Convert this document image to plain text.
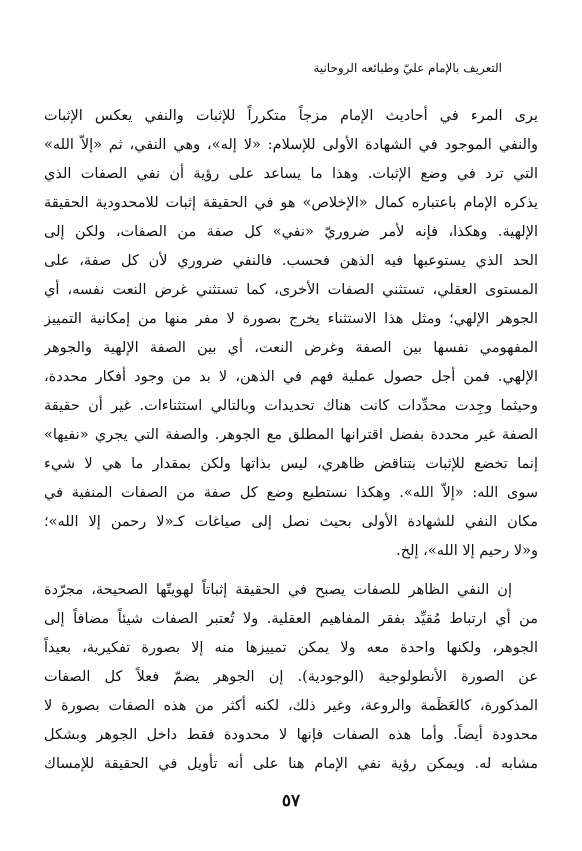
التعريف بالإمام عليّ وطبائعه الروحانية
يرى المرء في أحاديث الإمام مزجاً متكرراً للإثبات والنفي يعكس الإثبات
والنفي الموجود في الشهادة الأولى للإسلام: «لا إله»، وهي النفي، ثم «إلاّ الله»
التي ترد في وضع الإثبات. وهذا ما يساعد على رؤية أن نفي الصفات الذي
يذكره الإمام باعتباره كمال «الإخلاص» هو في الحقيقة إثبات للامحدودية الحقيقة
الإلهية. وهكذا، فإنه لأمر ضروريّ «نفي» كل صفة من الصفات، ولكن إلى
الحد الذي يستوعبها فيه الذهن فحسب. فالنفي ضروري لأن كل صفة، على
المستوى العقلي، تستثني الصفات الأخرى، كما تستثني غرض النعت نفسه، أي
الجوهر الإلهي؛ ومثل هذا الاستثناء يخرج بصورة لا مفر منها من إمكانية التمييز
المفهومي نفسها بين الصفة وغرض النعت، أي بين الصفة الإلهية والجوهر
الإلهي. فمن أجل حصول عملية فهم في الذهن، لا بد من وجود أفكار محددة،
وحيثما وجِدت محدِّدات كانت هناك تحديدات وبالتالي استثناءات. غير أن حقيقة
الصفة غير محددة بفضل اقترانها المطلق مع الجوهر. والصفة التي يجري «نفيها»
إنما تخضع للإثبات بتناقض ظاهري، ليس بذاتها ولكن بمقدار ما هي لا شيء
سوى الله: «إلاّ الله». وهكذا نستطيع وضع كل صفة من الصفات المنفية في
مكان النفي للشهادة الأولى بحيث نصل إلى صياغات كـ«لا رحمن إلا الله»؛
و«لا رحيم إلا الله»، إلخ.
إن النفي الظاهر للصفات يصبح في الحقيقة إثباتاً لهويتّها الصحيحة، مجرّدة
من أي ارتباط مُقيِّد بفقر المفاهيم العقلية. ولا تُعتبر الصفات شيئاً مضافاً إلى
الجوهر، ولكنها واحدة معه ولا يمكن تمييزها منه إلا بصورة تفكيرية، بعيداً
عن الصورة الأنطولوجية (الوجودية). إن الجوهر يضمّ فعلاً كل الصفات
المذكورة، كالعَظَمة والروعة، وغير ذلك، لكنه أكثر من هذه الصفات بصورة لا
محدودة أيضاً. وأما هذه الصفات فإنها لا محدودة فقط داخل الجوهر وبشكل
مشابه له. ويمكن رؤية نفي الإمام هنا على أنه تأويل في الحقيقة للإمساك
٥٧
